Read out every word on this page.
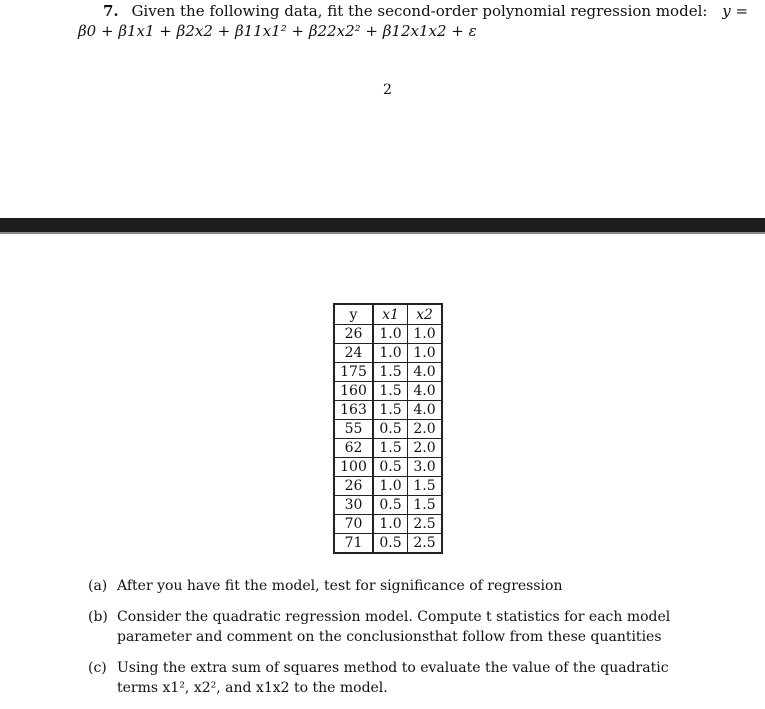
7. Given the following data, fit the second-order polynomial regression model: y =
β0 + β1x1 + β2x2 + β11x1² + β22x2² + β12x1x2 + ε
2
y	x1	x2
26	1.0	1.0
24	1.0	1.0
175	1.5	4.0
160	1.5	4.0
163	1.5	4.0
55	0.5	2.0
62	1.5	2.0
100	0.5	3.0
26	1.0	1.5
30	0.5	1.5
70	1.0	2.5
71	0.5	2.5
(a) After you have fit the model, test for significance of regression
(b) Consider the quadratic regression model. Compute t statistics for each model parameter and comment on the conclusionsthat follow from these quantities
(c) Using the extra sum of squares method to evaluate the value of the quadratic terms x1², x2², and x1x2 to the model.
